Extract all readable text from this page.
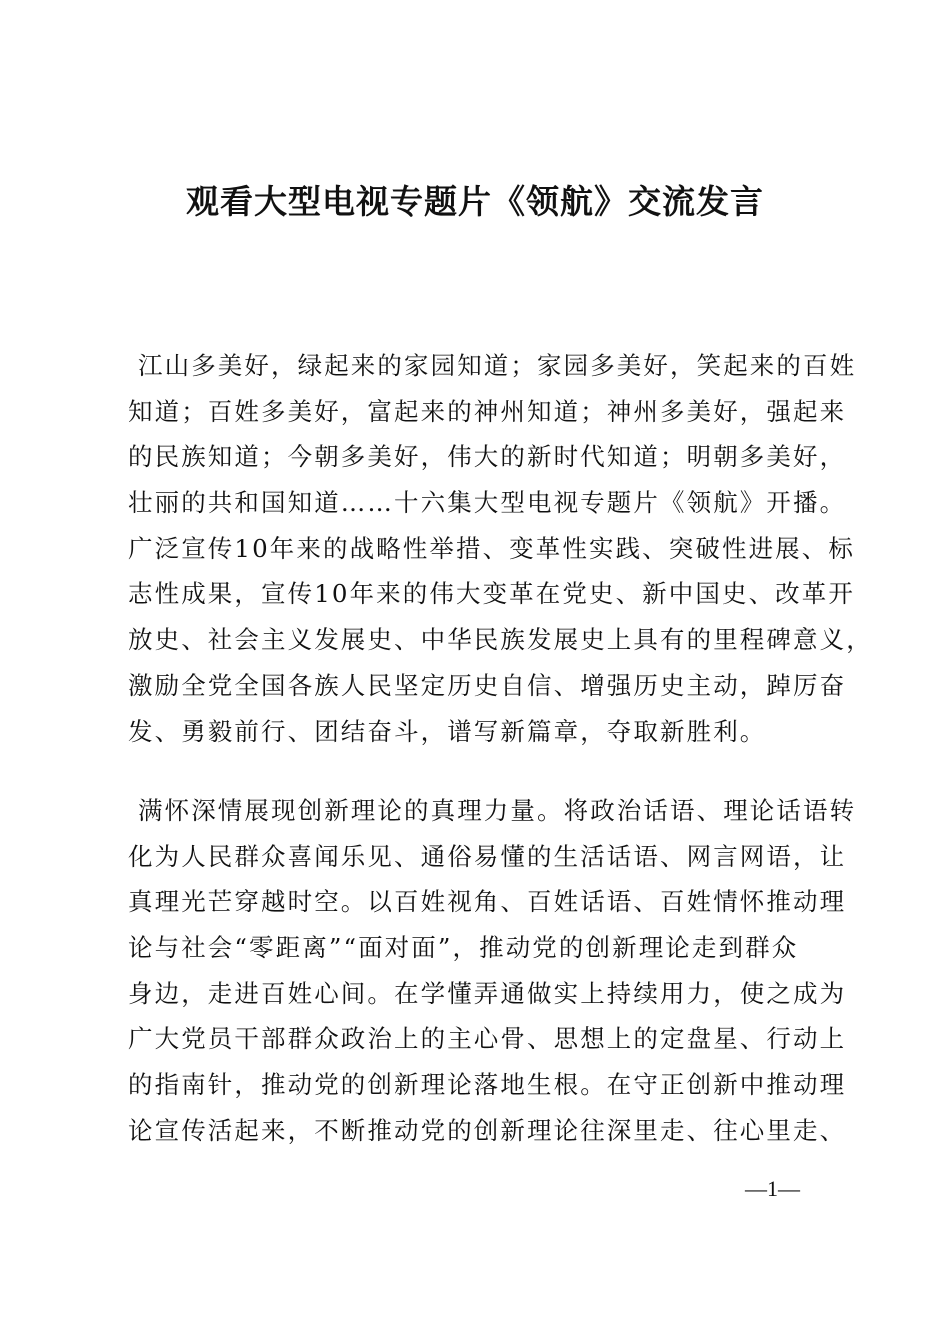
观看大型电视专题片《领航》交流发言
江山多美好，绿起来的家园知道；家园多美好，笑起来的百姓
知道；百姓多美好，富起来的神州知道；神州多美好，强起来
的民族知道；今朝多美好，伟大的新时代知道；明朝多美好，
壮丽的共和国知道……十六集大型电视专题片《领航》开播。
广泛宣传10年来的战略性举措、变革性实践、突破性进展、标
志性成果，宣传10年来的伟大变革在党史、新中国史、改革开
放史、社会主义发展史、中华民族发展史上具有的里程碑意义，
激励全党全国各族人民坚定历史自信、增强历史主动，踔厉奋
发、勇毅前行、团结奋斗，谱写新篇章，夺取新胜利。
满怀深情展现创新理论的真理力量。将政治话语、理论话语转
化为人民群众喜闻乐见、通俗易懂的生活话语、网言网语，让
真理光芒穿越时空。以百姓视角、百姓话语、百姓情怀推动理
论与社会“零距离”“面对面”，推动党的创新理论走到群众
身边，走进百姓心间。在学懂弄通做实上持续用力，使之成为
广大党员干部群众政治上的主心骨、思想上的定盘星、行动上
的指南针，推动党的创新理论落地生根。在守正创新中推动理
论宣传活起来，不断推动党的创新理论往深里走、往心里走、
—1—
